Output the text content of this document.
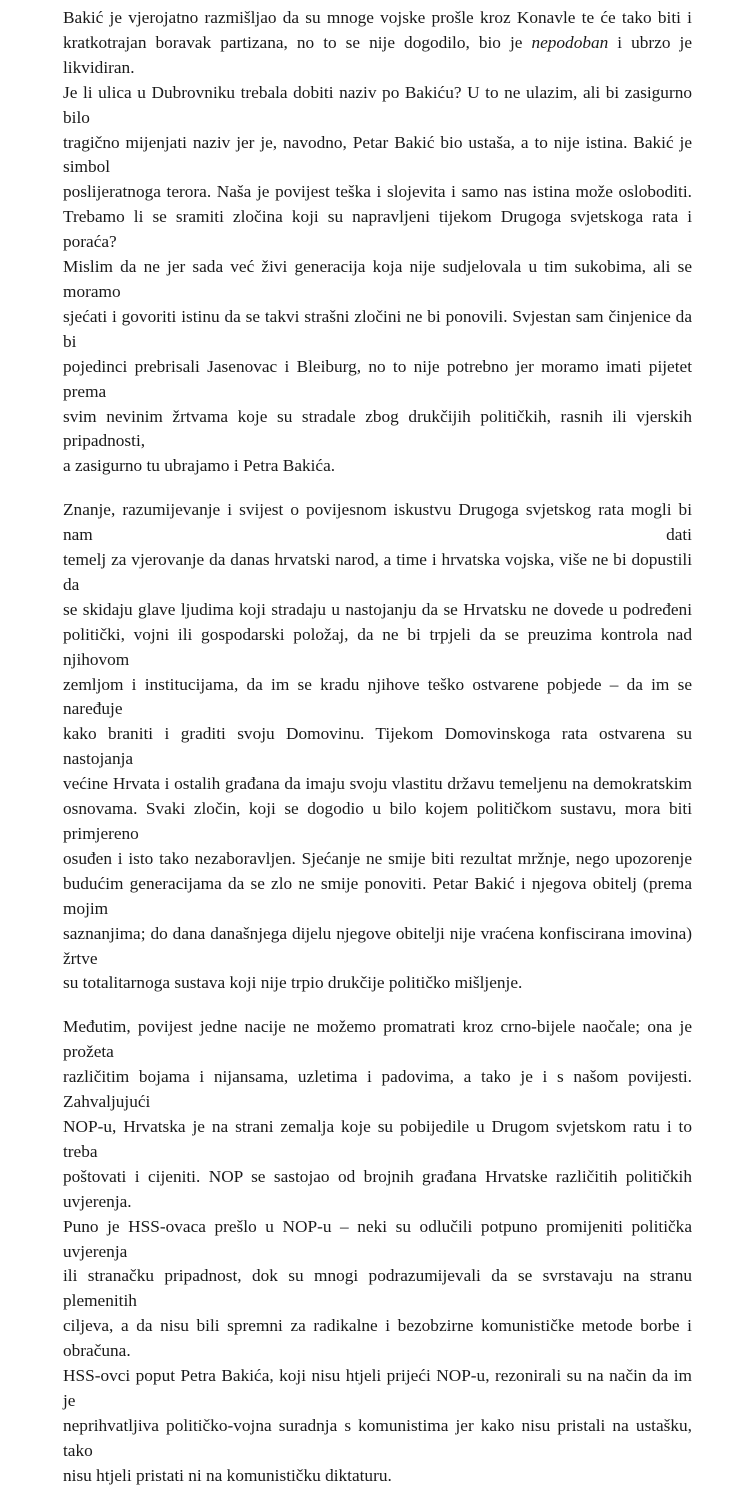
Bakić je vjerojatno razmišljao da su mnoge vojske prošle kroz Konavle te će tako biti i
kratkotrajan boravak partizana, no to se nije dogodilo, bio je nepodoban i ubrzo je likvidiran.
Je li ulica u Dubrovniku trebala dobiti naziv po Bakiću? U to ne ulazim, ali bi zasigurno bilo
tragično mijenjati naziv jer je, navodno, Petar Bakić bio ustaša, a to nije istina. Bakić je simbol
poslijeratnoga terora. Naša je povijest teška i slojevita i samo nas istina može osloboditi.
Trebamo li se sramiti zločina koji su napravljeni tijekom Drugoga svjetskoga rata i poraća?
Mislim da ne jer sada već živi generacija koja nije sudjelovala u tim sukobima, ali se moramo
sjećati i govoriti istinu da se takvi strašni zločini ne bi ponovili. Svjestan sam činjenice da bi
pojedinci prebrisali Jasenovac i Bleiburg, no to nije potrebno jer moramo imati pijetet prema
svim nevinim žrtvama koje su stradale zbog drukčijih političkih, rasnih ili vjerskih pripadnosti,
a zasigurno tu ubrajamo i Petra Bakića.

Znanje, razumijevanje i svijest o povijesnom iskustvu Drugoga svjetskog rata mogli bi nam dati
temelj za vjerovanje da danas hrvatski narod, a time i hrvatska vojska, više ne bi dopustili da
se skidaju glave ljudima koji stradaju u nastojanju da se Hrvatsku ne dovede u podređeni
politički, vojni ili gospodarski položaj, da ne bi trpjeli da se preuzima kontrola nad njihovom
zemljom i institucijama, da im se kradu njihove teško ostvarene pobjede – da im se naređuje
kako braniti i graditi svoju Domovinu. Tijekom Domovinskoga rata ostvarena su nastojanja
većine Hrvata i ostalih građana da imaju svoju vlastitu državu temeljenu na demokratskim
osnovama. Svaki zločin, koji se dogodio u bilo kojem političkom sustavu, mora biti primjereno
osuđen i isto tako nezaboravljen. Sjećanje ne smije biti rezultat mržnje, nego upozorenje
budućim generacijama da se zlo ne smije ponoviti. Petar Bakić i njegova obitelj (prema mojim
saznanjima; do dana današnjega dijelu njegove obitelji nije vraćena konfiscirana imovina) žrtve
su totalitarnoga sustava koji nije trpio drukčije političko mišljenje.

Međutim, povijest jedne nacije ne možemo promatrati kroz crno-bijele naočale; ona je prožeta
različitim bojama i nijansama, uzletima i padovima, a tako je i s našom povijesti. Zahvaljujući
NOP-u, Hrvatska je na strani zemalja koje su pobijedile u Drugom svjetskom ratu i to treba
poštovati i cijeniti. NOP se sastojao od brojnih građana Hrvatske različitih političkih uvjerenja.
Puno je HSS-ovaca prešlo u NOP-u – neki su odlučili potpuno promijeniti politička uvjerenja
ili stranačku pripadnost, dok su mnogi podrazumijevali da se svrstavaju na stranu plemenitih
ciljeva, a da nisu bili spremni za radikalne i bezobzirne komunističke metode borbe i obračuna.
HSS-ovci poput Petra Bakića, koji nisu htjeli prijeći NOP-u, rezonirali su na način da im je
neprihvatljiva političko-vojna suradnja s komunistima jer kako nisu pristali na ustašku, tako
nisu htjeli pristati ni na komunističku diktaturu.
